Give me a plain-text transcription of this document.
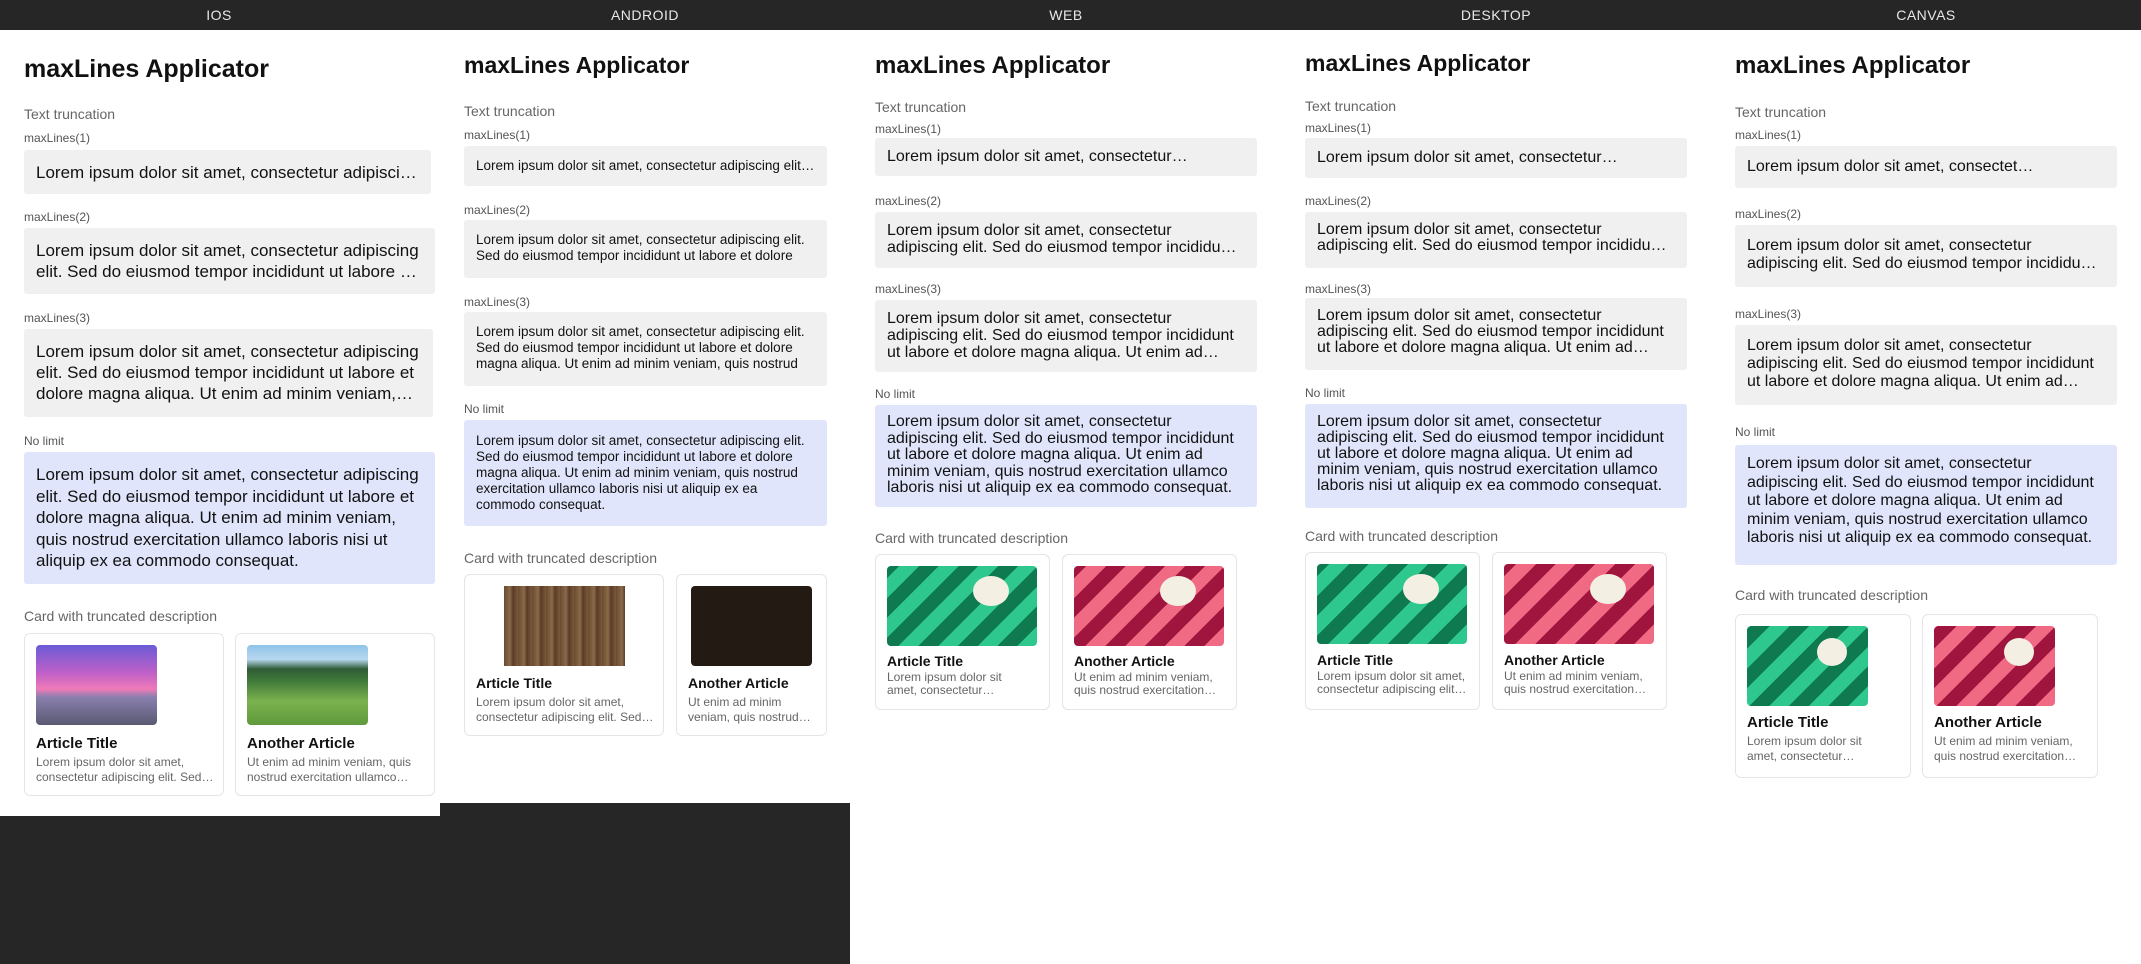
IOS	ANDROID	WEB	DESKTOP	CANVAS
maxLines Applicator
Text truncation
maxLines(1)
Lorem ipsum dolor sit amet, consectetur adipiscing
maxLines(2)
Lorem ipsum dolor sit amet, consectetur adipiscing elit. Sed do eiusmod tempor incididunt ut labore et
maxLines(3)
Lorem ipsum dolor sit amet, consectetur adipiscing elit. Sed do eiusmod tempor incididunt ut labore et dolore magna aliqua. Ut enim ad minim veniam,
No limit
Lorem ipsum dolor sit amet, consectetur adipiscing elit. Sed do eiusmod tempor incididunt ut labore et dolore magna aliqua. Ut enim ad minim veniam, quis nostrud exercitation ullamco laboris nisi ut aliquip ex ea commodo consequat.
Card with truncated description
Article Title
Lorem ipsum dolor sit amet, consectetur adipiscing elit. Sed
Another Article
Ut enim ad minim veniam, quis nostrud exercitation ullamco
maxLines Applicator
Text truncation
maxLines(1)
Lorem ipsum dolor sit amet, consectetur adipiscing elit.
maxLines(2)
Lorem ipsum dolor sit amet, consectetur adipiscing elit. Sed do eiusmod tempor incididunt ut labore et dolore
maxLines(3)
Lorem ipsum dolor sit amet, consectetur adipiscing elit. Sed do eiusmod tempor incididunt ut labore et dolore magna aliqua. Ut enim ad minim veniam, quis nostrud
No limit
Lorem ipsum dolor sit amet, consectetur adipiscing elit. Sed do eiusmod tempor incididunt ut labore et dolore magna aliqua. Ut enim ad minim veniam, quis nostrud exercitation ullamco laboris nisi ut aliquip ex ea commodo consequat.
Card with truncated description
Article Title
Lorem ipsum dolor sit amet, consectetur adipiscing elit. Sed
Another Article
Ut enim ad minim veniam, quis nostrud
maxLines Applicator
Text truncation
maxLines(1)
Lorem ipsum dolor sit amet, consectetur
maxLines(2)
Lorem ipsum dolor sit amet, consectetur adipiscing elit. Sed do eiusmod tempor incididunt
maxLines(3)
Lorem ipsum dolor sit amet, consectetur adipiscing elit. Sed do eiusmod tempor incididunt ut labore et dolore magna aliqua. Ut enim ad
No limit
Lorem ipsum dolor sit amet, consectetur adipiscing elit. Sed do eiusmod tempor incididunt ut labore et dolore magna aliqua. Ut enim ad minim veniam, quis nostrud exercitation ullamco laboris nisi ut aliquip ex ea commodo consequat.
Card with truncated description
Article Title
Lorem ipsum dolor sit amet, consectetur
Another Article
Ut enim ad minim veniam, quis nostrud exercitation
maxLines Applicator
Text truncation
maxLines(1)
Lorem ipsum dolor sit amet, consectetur
maxLines(2)
Lorem ipsum dolor sit amet, consectetur adipiscing elit. Sed do eiusmod tempor incididunt
maxLines(3)
Lorem ipsum dolor sit amet, consectetur adipiscing elit. Sed do eiusmod tempor incididunt ut labore et dolore magna aliqua. Ut enim ad
No limit
Lorem ipsum dolor sit amet, consectetur adipiscing elit. Sed do eiusmod tempor incididunt ut labore et dolore magna aliqua. Ut enim ad minim veniam, quis nostrud exercitation ullamco laboris nisi ut aliquip ex ea commodo consequat.
Card with truncated description
Article Title
Lorem ipsum dolor sit amet, consectetur adipiscing elit.
Another Article
Ut enim ad minim veniam, quis nostrud exercitation
maxLines Applicator
Text truncation
maxLines(1)
Lorem ipsum dolor sit amet, consectetur
maxLines(2)
Lorem ipsum dolor sit amet, consectetur adipiscing elit. Sed do eiusmod tempor incididunt
maxLines(3)
Lorem ipsum dolor sit amet, consectetur adipiscing elit. Sed do eiusmod tempor incididunt ut labore et dolore magna aliqua. Ut enim ad
No limit
Lorem ipsum dolor sit amet, consectetur adipiscing elit. Sed do eiusmod tempor incididunt ut labore et dolore magna aliqua. Ut enim ad minim veniam, quis nostrud exercitation ullamco laboris nisi ut aliquip ex ea commodo consequat.
Card with truncated description
Article Title
Lorem ipsum dolor sit amet, consectetur
Another Article
Ut enim ad minim veniam, quis nostrud exercitation
